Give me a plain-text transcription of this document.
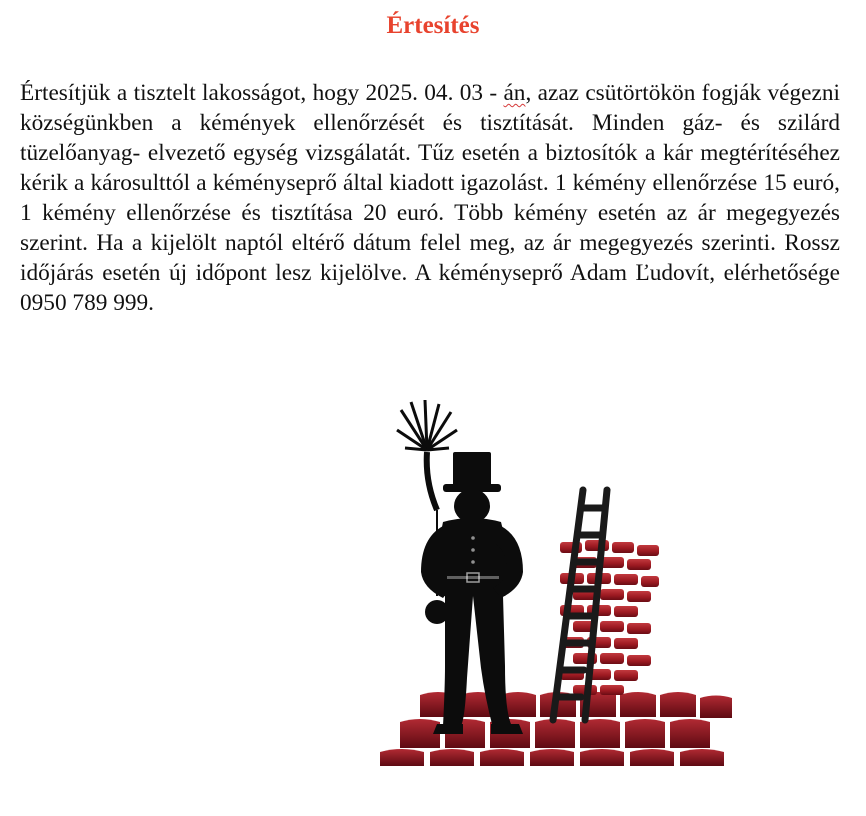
Értesítés

Értesítjük a tisztelt lakosságot, hogy 2025. 04. 03 - án, azaz csütörtökön fogják végezni községünkben a kémények ellenőrzését és tisztítását. Minden gáz- és szilárd tüzelőanyag- elvezető egység vizsgálatát. Tűz esetén a biztosítók a kár megtérítéséhez kérik a károsulttól a kéményseprő által kiadott igazolást. 1 kémény ellenőrzése 15 euró, 1 kémény ellenőrzése és tisztítása 20 euró. Több kémény esetén az ár megegyezés szerint. Ha a kijelölt naptól eltérő dátum felel meg, az ár megegyezés szerinti. Rossz időjárás esetén új időpont lesz kijelölve. A kéményseprő Adam Ľudovít, elérhetősége 0950 789 999.
